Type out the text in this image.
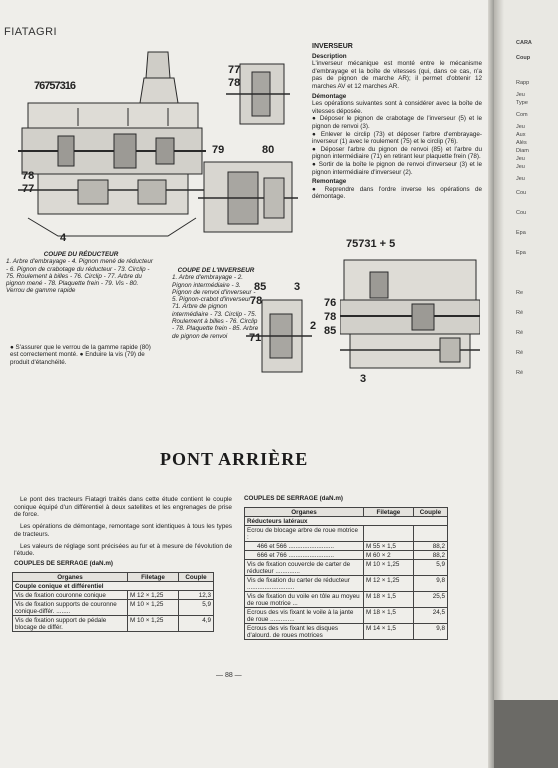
FIATAGRI
76757316
78
77
4
77
78
79	80
COUPE DU RÉDUCTEUR
1. Arbre d'embrayage - 4. Pignon mené de réducteur - 6. Pignon de crabotage du réducteur - 73. Circlip - 75. Roulement à billes - 76. Circlip - 77. Arbre du pignon mené - 78. Plaquette frein - 79. Vis - 80. Verrou de gamme rapide
● S'assurer que le verrou de la gamme rapide (80) est correctement monté. ● Enduire la vis (79) de produit d'étanchéité.
COUPE DE L'INVERSEUR
1. Arbre d'embrayage - 2. Pignon intermédiaire - 3. Pignon de renvoi d'inverseur - 5. Pignon-crabot d'inverseur - 71. Arbre de pignon intermédiaire - 73. Circlip - 75. Roulement à billes - 76. Circlip - 78. Plaquette frein - 85. Arbre de pignon de renvoi
INVERSEUR
Description
L'inverseur mécanique est monté entre le mécanisme d'embrayage et la boîte de vitesses (qui, dans ce cas, n'a pas de pignon de marche AR); il permet d'obtenir 12 marches AV et 12 marches AR.
Démontage
Les opérations suivantes sont à considérer avec la boîte de vitesses déposée.
● Déposer le pignon de crabotage de l'inverseur (5) et le pignon de renvoi (3).
● Enlever le circlip (73) et déposer l'arbre d'embrayage-inverseur (1) avec le roulement (75) et le circlip (76).
● Déposer l'arbre du pignon de renvoi (85) et l'arbre du pignon intermédiaire (71) en retirant leur plaquette frein (78).
● Sortir de la boîte le pignon de renvoi d'inverseur (3) et le pignon intermédiaire d'inverseur (2).
Remontage
● Reprendre dans l'ordre inverse les opérations de démontage.
85	3
78
71
2
75731 + 5
76
78
85
3
PONT ARRIÈRE

Le pont des tracteurs Fiatagri traités dans cette étude contient le couple conique équipé d'un différentiel à deux satellites et les engrenages de prise de force.

Les opérations de démontage, remontage sont identiques à tous les types de tracteurs.

Les valeurs de réglage sont précisées au fur et à mesure de l'évolution de l'étude.

COUPLES DE SERRAGE (daN.m)
Organes	Filetage	Couple
Couple conique et différentiel		
Vis de fixation couronne conique	M 12 × 1,25	12,3
Vis de fixation supports de couronne conique-différ. ........	M 10 × 1,25	5,9
Vis de fixation support de pédale blocage de différ.	M 10 × 1,25	4,9
COUPLES DE SERRAGE (daN.m)
Organes	Filetage	Couple
Réducteurs latéraux		
Ecrou de blocage arbre de roue motrice :		
466 et 566 ..........................	M 55 × 1,5	88,2
666 et 766 ..........................	M 60 × 2	88,2
Vis de fixation couvercle de carter de réducteur ..............	M 10 × 1,25	5,9
Vis de fixation du carter de réducteur ...........................	M 12 × 1,25	9,8
Vis de fixation du voile en tôle au moyeu de roue motrice ...	M 18 × 1,5	25,5
Ecrous des vis fixant le voile à la jante de roue ..............	M 18 × 1,5	24,5
Ecrous des vis fixant les disques d'alourd. de roues motrices	M 14 × 1,5	9,8
— 88 —
CARA
Coup
Rapp
Jeu
Type
Com
Jeu
Aux
Alés
Diam
Jeu
Jeu
Jeu
Cou
Cou
Epa
Epa
Re
Ré
Ré
Ré
Ré
